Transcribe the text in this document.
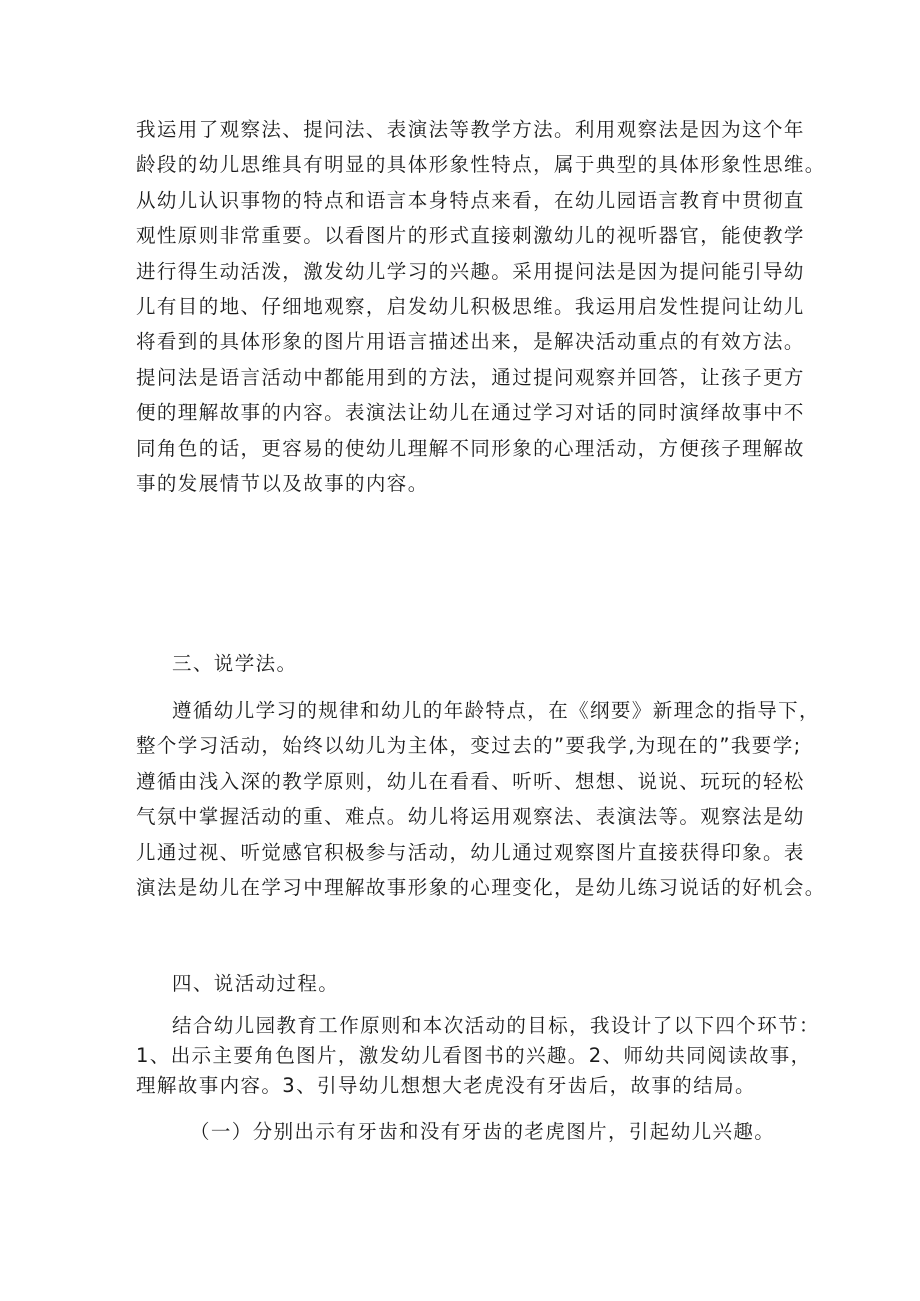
我运用了观察法、提问法、表演法等教学方法。利用观察法是因为这个年
龄段的幼儿思维具有明显的具体形象性特点，属于典型的具体形象性思维。
从幼儿认识事物的特点和语言本身特点来看，在幼儿园语言教育中贯彻直
观性原则非常重要。以看图片的形式直接刺激幼儿的视听器官，能使教学
进行得生动活泼，激发幼儿学习的兴趣。采用提问法是因为提问能引导幼
儿有目的地、仔细地观察，启发幼儿积极思维。我运用启发性提问让幼儿
将看到的具体形象的图片用语言描述出来，是解决活动重点的有效方法。
提问法是语言活动中都能用到的方法，通过提问观察并回答，让孩子更方
便的理解故事的内容。表演法让幼儿在通过学习对话的同时演绎故事中不
同角色的话，更容易的使幼儿理解不同形象的心理活动，方便孩子理解故
事的发展情节以及故事的内容。

三、说学法。

遵循幼儿学习的规律和幼儿的年龄特点，在《纲要》新理念的指导下，
整个学习活动，始终以幼儿为主体，变过去的”要我学,为现在的”我要学;
遵循由浅入深的教学原则，幼儿在看看、听听、想想、说说、玩玩的轻松
气氛中掌握活动的重、难点。幼儿将运用观察法、表演法等。观察法是幼
儿通过视、听觉感官积极参与活动，幼儿通过观察图片直接获得印象。表
演法是幼儿在学习中理解故事形象的心理变化，是幼儿练习说话的好机会。

四、说活动过程。

结合幼儿园教育工作原则和本次活动的目标，我设计了以下四个环节：
1、出示主要角色图片，激发幼儿看图书的兴趣。2、师幼共同阅读故事，
理解故事内容。3、引导幼儿想想大老虎没有牙齿后，故事的结局。

（一）分别出示有牙齿和没有牙齿的老虎图片，引起幼儿兴趣。
